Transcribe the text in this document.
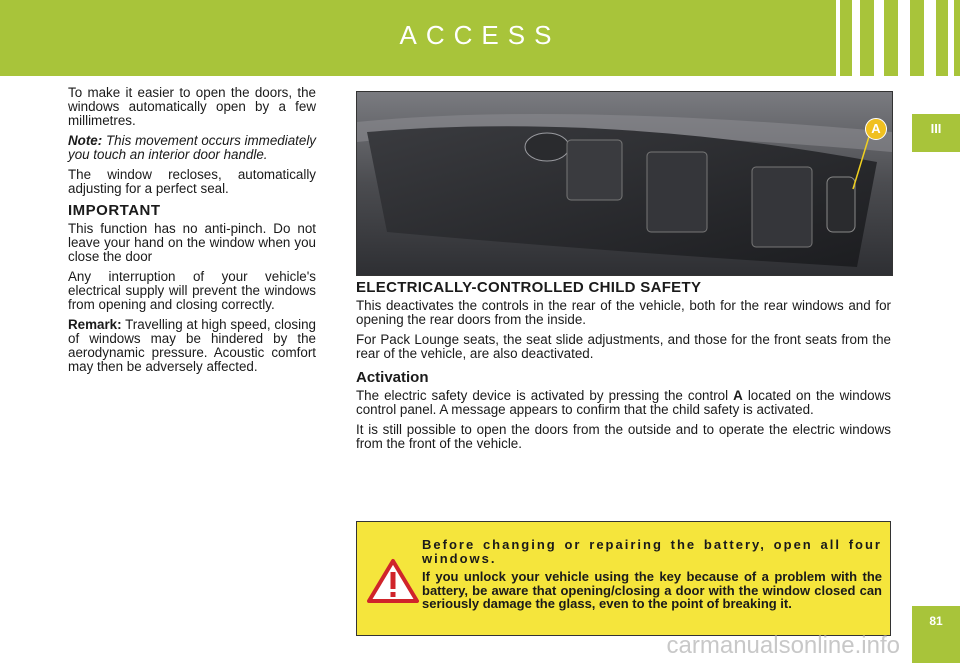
ACCESS
III

To make it easier to open the doors, the windows automatically open by a few millimetres.

Note: This movement occurs immediately you touch an interior door handle.

The window recloses, automatically adjusting for a perfect seal.

IMPORTANT

This function has no anti-pinch. Do not leave your hand on the window when you close the door

Any interruption of your vehicle's electrical supply will prevent the windows from opening and closing correctly.

Remark: Travelling at high speed, closing of windows may be hindered by the aerodynamic pressure. Acoustic comfort may then be adversely affected.

A
ELECTRICALLY-CONTROLLED CHILD SAFETY

This deactivates the controls in the rear of the vehicle, both for the rear windows and for opening the rear doors from the inside.

For Pack Lounge seats, the seat slide adjustments, and those for the front seats from the rear of the vehicle, are also deactivated.

Activation

The electric safety device is activated by pressing the control A located on the windows control panel. A message appears to confirm that the child safety is activated.

It is still possible to open the doors from the outside and to operate the electric windows from the front of the vehicle.

Before changing or repairing the battery, open all four windows.

If you unlock your vehicle using the key because of a problem with the battery, be aware that opening/closing a door with the window closed can seriously damage the glass, even to the point of breaking it.

81
carmanualsonline.info
